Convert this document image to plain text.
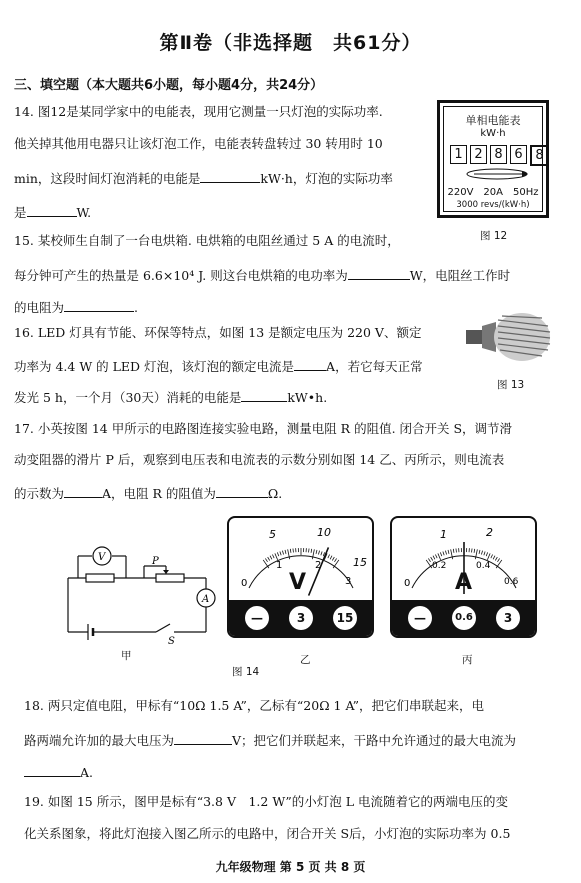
第Ⅱ卷（非选择题　共61分）
三、填空题（本大题共6小题，每小题4分，共24分）
14. 图12是某同学家中的电能表，现用它测量一只灯泡的实际功率.
他关掉其他用电器只让该灯泡工作，电能表转盘转过 30 转用时 10
min，这段时间灯泡消耗的电能是	kW·h，灯泡的实际功率
是	W.
单相电能表
kW·h
1 2 8 6 8
220V　20A　50Hz
3000 revs/(kW·h)
图 12
15. 某校师生自制了一台电烘箱. 电烘箱的电阻丝通过 5 A 的电流时，
每分钟可产生的热量是 6.6×10⁴ J. 则这台电烘箱的电功率为	W，电阻丝工作时
的电阻为	.
16. LED 灯具有节能、环保等特点，如图 13 是额定电压为 220 V、额定
功率为 4.4 W 的 LED 灯泡，该灯泡的额定电流是	A，若它每天正常
发光 5 h，一个月（30天）消耗的电能是	kW•h.
图 13
17. 小英按图 14 甲所示的电路图连接实验电路，测量电阻 R 的阻值. 闭合开关 S，调节滑
动变阻器的滑片 P 后，观察到电压表和电流表的示数分别如图 14 乙、丙所示，则电流表
的示数为	A，电阻 R 的阻值为	Ω.
V
A
P
S
甲
0
1	2
3
5	10
15
V
—	3	15
乙
0
0.2	0.4
0.6
1	2
A
—	0.6	3
丙
图 14
18. 两只定值电阻，甲标有“10Ω 1.5 A”，乙标有“20Ω 1 A”，把它们串联起来，电
路两端允许加的最大电压为	V；把它们并联起来，干路中允许通过的最大电流为
A.
19. 如图 15 所示，图甲是标有“3.8 V　1.2 W”的小灯泡 L 电流随着它的两端电压的变
化关系图象，将此灯泡接入图乙所示的电路中，闭合开关 S后，小灯泡的实际功率为 0.5
九年级物理 第 5 页 共 8 页
